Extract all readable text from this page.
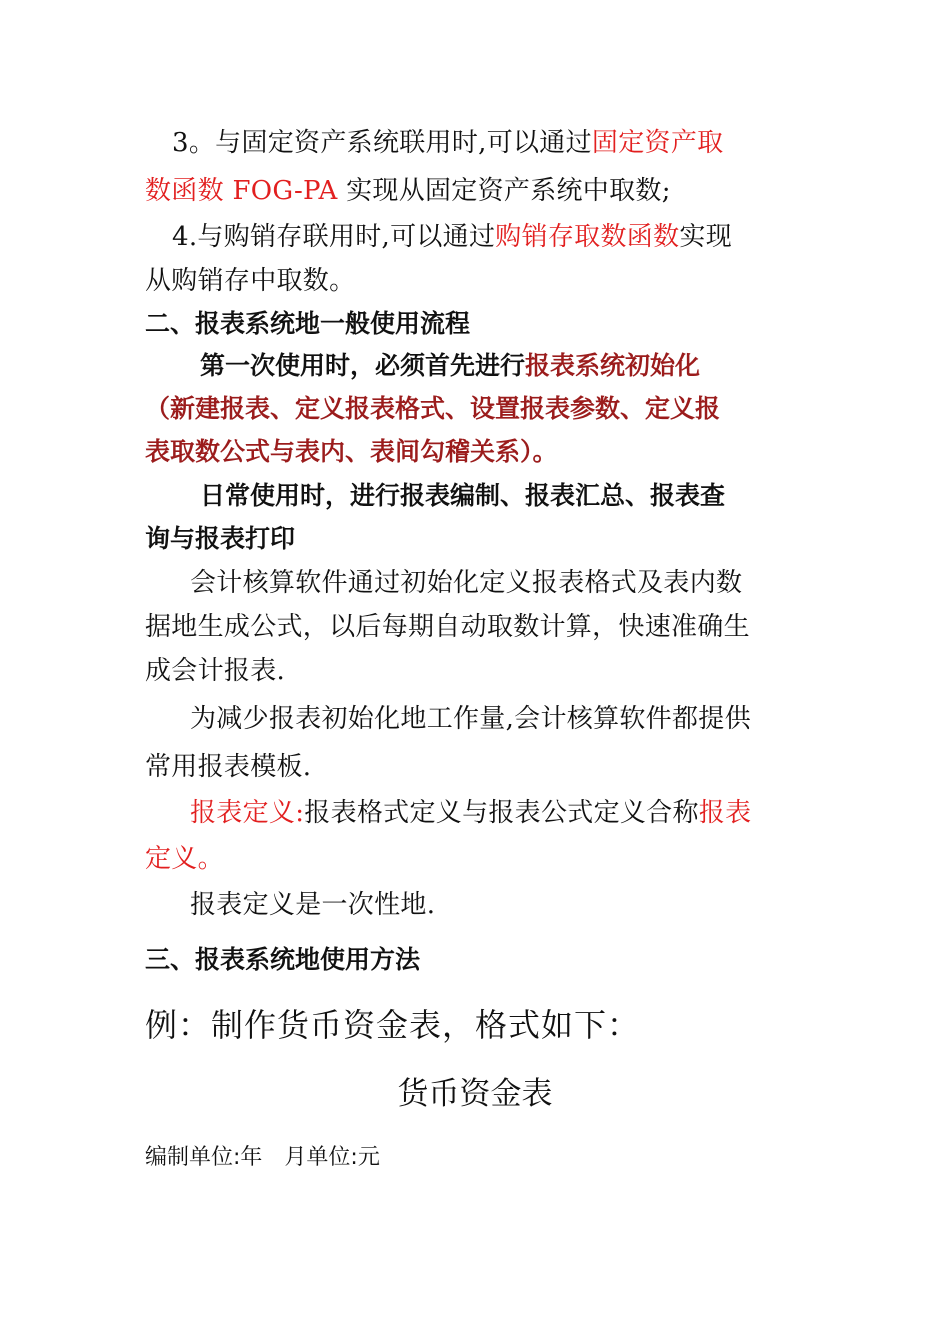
3。与固定资产系统联用时,可以通过固定资产取
数函数 FOG-PA 实现从固定资产系统中取数;
4.与购销存联用时,可以通过购销存取数函数实现
从购销存中取数。
二、报表系统地一般使用流程
第一次使用时，必须首先进行报表系统初始化
（新建报表、定义报表格式、设置报表参数、定义报
表取数公式与表内、表间勾稽关系）。
日常使用时，进行报表编制、报表汇总、报表查
询与报表打印
会计核算软件通过初始化定义报表格式及表内数
据地生成公式，以后每期自动取数计算，快速准确生
成会计报表.
为减少报表初始化地工作量,会计核算软件都提供
常用报表模板.
报表定义:报表格式定义与报表公式定义合称报表
定义。
报表定义是一次性地.
三、报表系统地使用方法
例：制作货币资金表，格式如下：
货币资金表
编制单位:年　月单位:元
